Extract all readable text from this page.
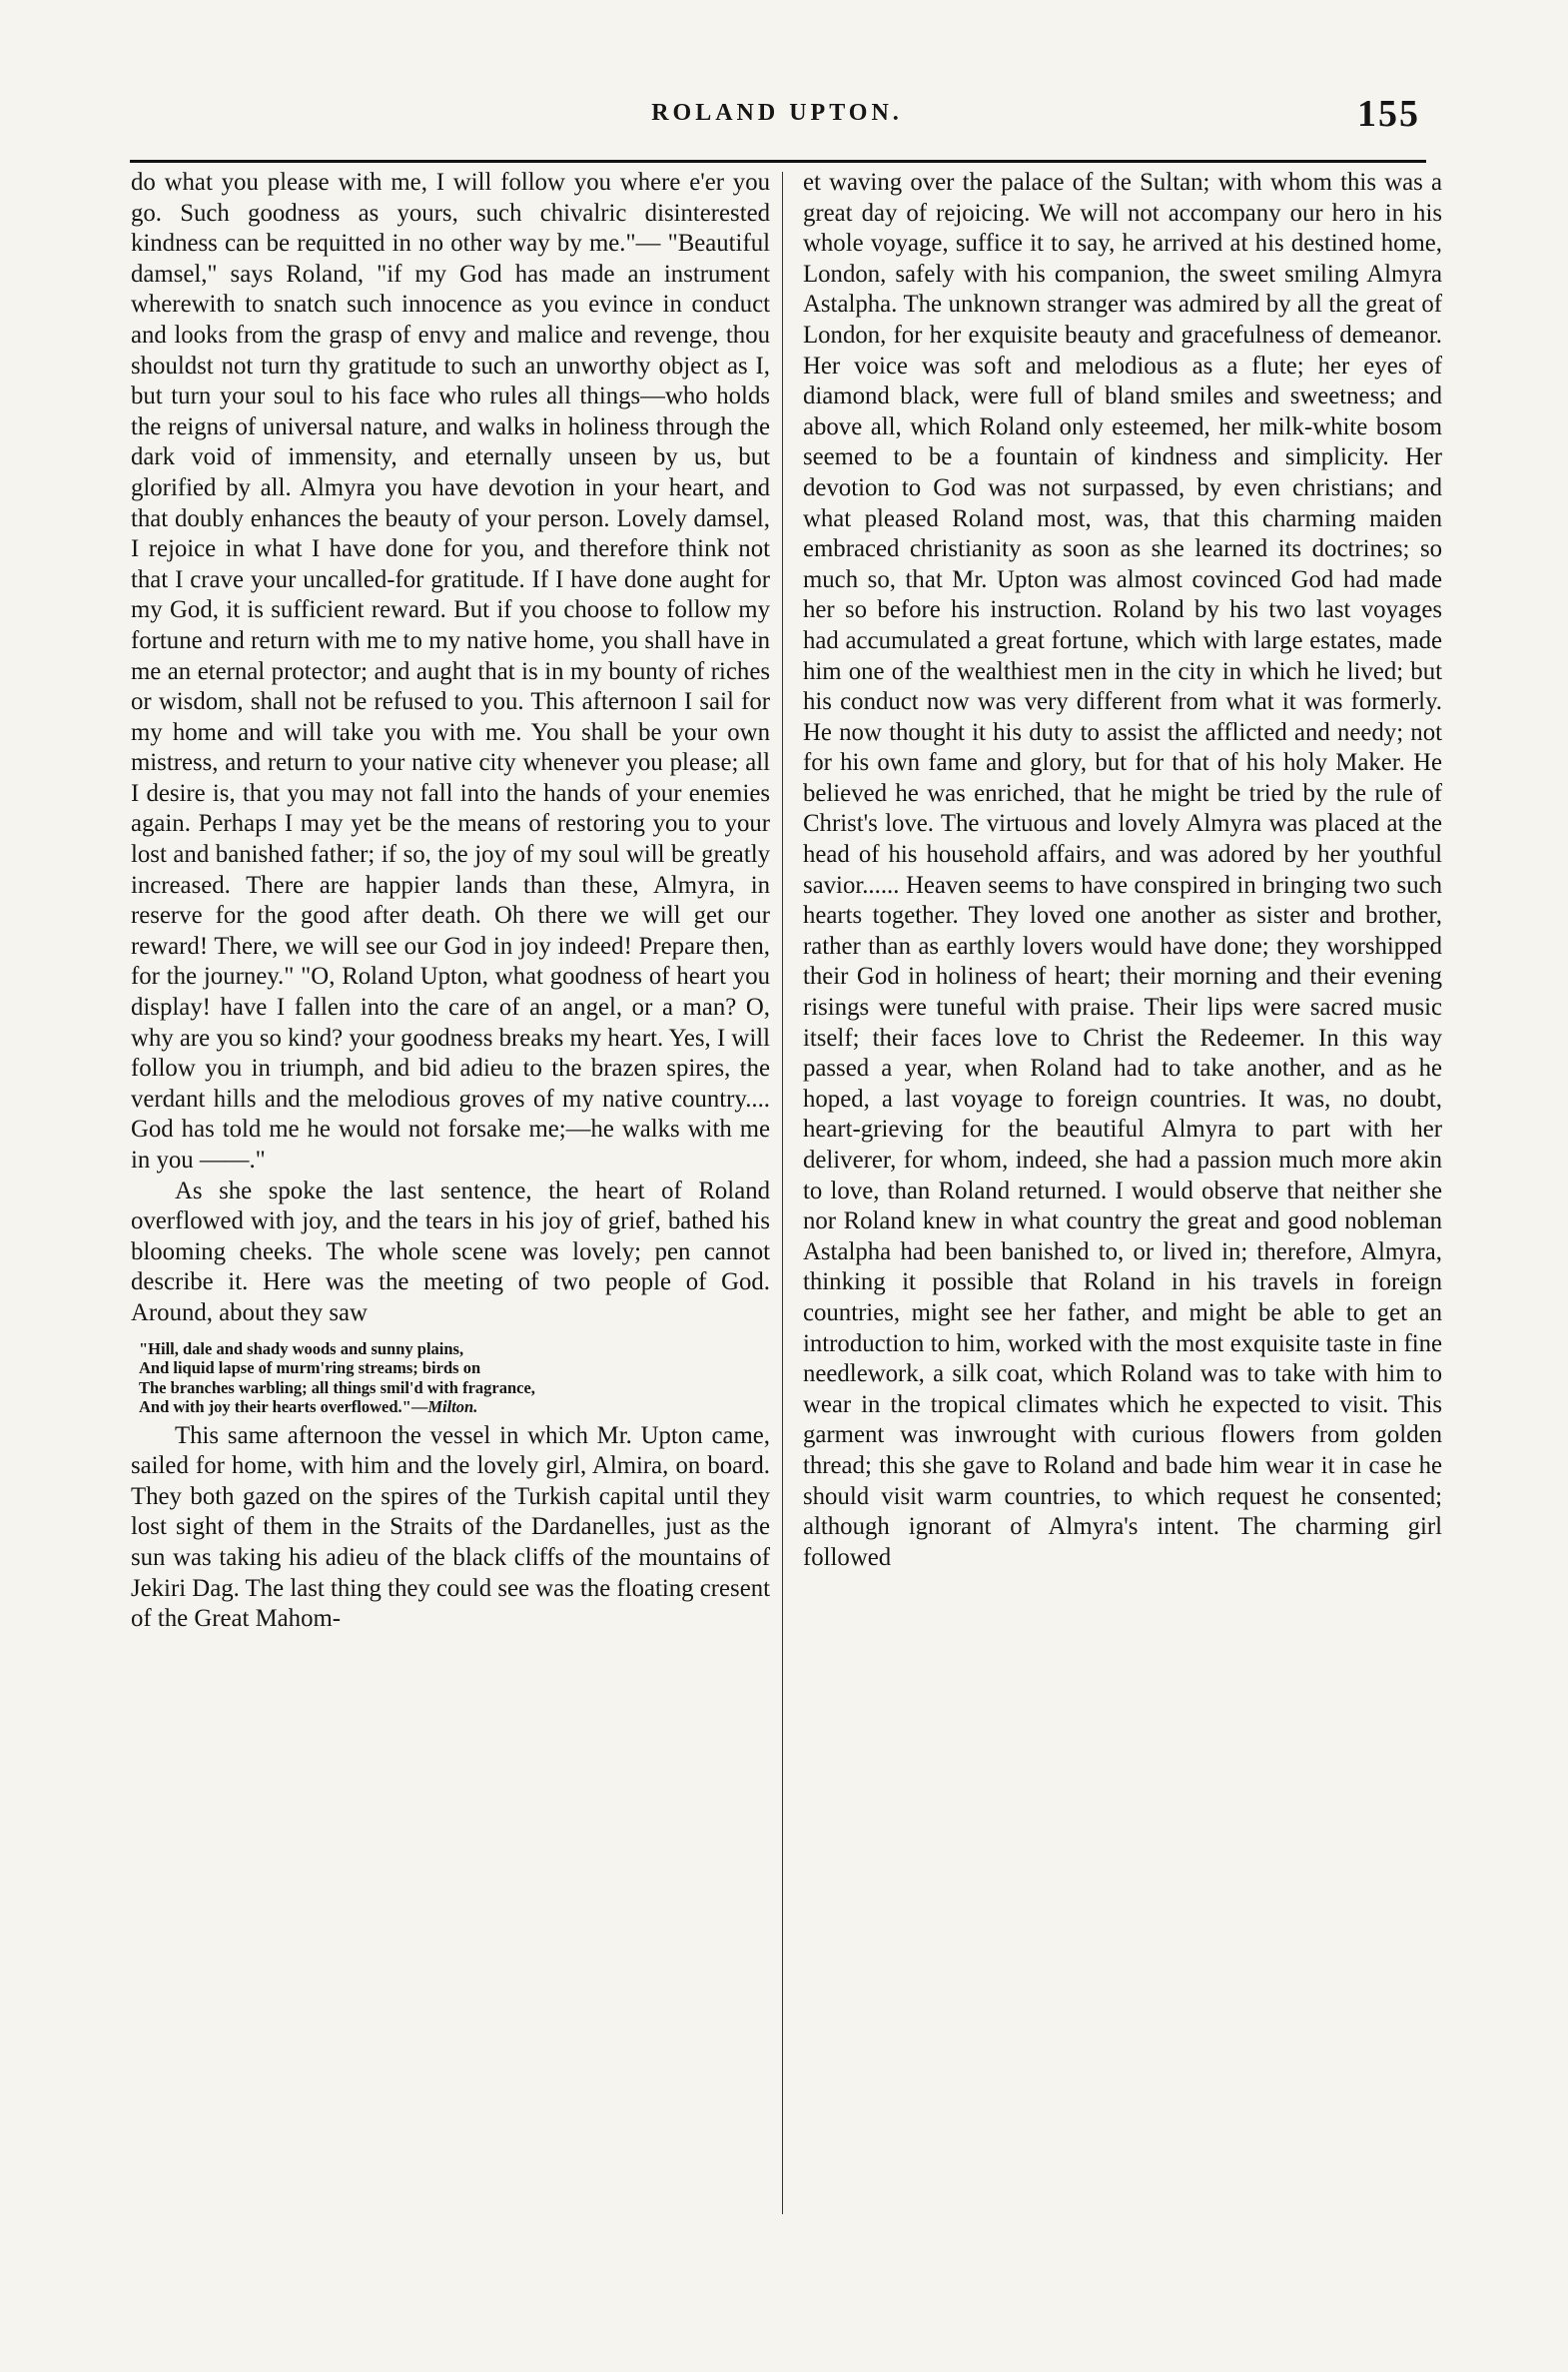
ROLAND UPTON.	155

do what you please with me, I will follow you where e'er you go. Such goodness as yours, such chivalric disinterested kindness can be requitted in no other way by me."— "Beautiful damsel," says Roland, "if my God has made an instrument wherewith to snatch such innocence as you evince in conduct and looks from the grasp of envy and malice and revenge, thou shouldst not turn thy gratitude to such an unworthy object as I, but turn your soul to his face who rules all things—who holds the reigns of universal nature, and walks in holiness through the dark void of immensity, and eternally unseen by us, but glorified by all. Almyra you have devotion in your heart, and that doubly enhances the beauty of your person. Lovely damsel, I rejoice in what I have done for you, and therefore think not that I crave your uncalled-for gratitude. If I have done aught for my God, it is sufficient reward. But if you choose to follow my fortune and return with me to my native home, you shall have in me an eternal protector; and aught that is in my bounty of riches or wisdom, shall not be refused to you. This afternoon I sail for my home and will take you with me. You shall be your own mistress, and return to your native city whenever you please; all I desire is, that you may not fall into the hands of your enemies again. Perhaps I may yet be the means of restoring you to your lost and banished father; if so, the joy of my soul will be greatly increased. There are happier lands than these, Almyra, in reserve for the good after death. Oh there we will get our reward! There, we will see our God in joy indeed! Prepare then, for the journey." "O, Roland Upton, what goodness of heart you display! have I fallen into the care of an angel, or a man? O, why are you so kind? your goodness breaks my heart. Yes, I will follow you in triumph, and bid adieu to the brazen spires, the verdant hills and the melodious groves of my native country.... God has told me he would not forsake me;—he walks with me in you ——."

As she spoke the last sentence, the heart of Roland overflowed with joy, and the tears in his joy of grief, bathed his blooming cheeks. The whole scene was lovely; pen cannot describe it. Here was the meeting of two people of God. Around, about they saw

"Hill, dale and shady woods and sunny plains,
And liquid lapse of murm'ring streams; birds on
The branches warbling; all things smil'd with fragrance,
And with joy their hearts overflowed."—Milton.

This same afternoon the vessel in which Mr. Upton came, sailed for home, with him and the lovely girl, Almira, on board. They both gazed on the spires of the Turkish capital until they lost sight of them in the Straits of the Dardanelles, just as the sun was taking his adieu of the black cliffs of the mountains of Jekiri Dag. The last thing they could see was the floating cresent of the Great Mahom-

et waving over the palace of the Sultan; with whom this was a great day of rejoicing. We will not accompany our hero in his whole voyage, suffice it to say, he arrived at his destined home, London, safely with his companion, the sweet smiling Almyra Astalpha. The unknown stranger was admired by all the great of London, for her exquisite beauty and gracefulness of demeanor. Her voice was soft and melodious as a flute; her eyes of diamond black, were full of bland smiles and sweetness; and above all, which Roland only esteemed, her milk-white bosom seemed to be a fountain of kindness and simplicity. Her devotion to God was not surpassed, by even christians; and what pleased Roland most, was, that this charming maiden embraced christianity as soon as she learned its doctrines; so much so, that Mr. Upton was almost covinced God had made her so before his instruction. Roland by his two last voyages had accumulated a great fortune, which with large estates, made him one of the wealthiest men in the city in which he lived; but his conduct now was very different from what it was formerly. He now thought it his duty to assist the afflicted and needy; not for his own fame and glory, but for that of his holy Maker. He believed he was enriched, that he might be tried by the rule of Christ's love. The virtuous and lovely Almyra was placed at the head of his household affairs, and was adored by her youthful savior...... Heaven seems to have conspired in bringing two such hearts together. They loved one another as sister and brother, rather than as earthly lovers would have done; they worshipped their God in holiness of heart; their morning and their evening risings were tuneful with praise. Their lips were sacred music itself; their faces love to Christ the Redeemer. In this way passed a year, when Roland had to take another, and as he hoped, a last voyage to foreign countries. It was, no doubt, heart-grieving for the beautiful Almyra to part with her deliverer, for whom, indeed, she had a passion much more akin to love, than Roland returned. I would observe that neither she nor Roland knew in what country the great and good nobleman Astalpha had been banished to, or lived in; therefore, Almyra, thinking it possible that Roland in his travels in foreign countries, might see her father, and might be able to get an introduction to him, worked with the most exquisite taste in fine needlework, a silk coat, which Roland was to take with him to wear in the tropical climates which he expected to visit. This garment was inwrought with curious flowers from golden thread; this she gave to Roland and bade him wear it in case he should visit warm countries, to which request he consented; although ignorant of Almyra's intent. The charming girl followed
